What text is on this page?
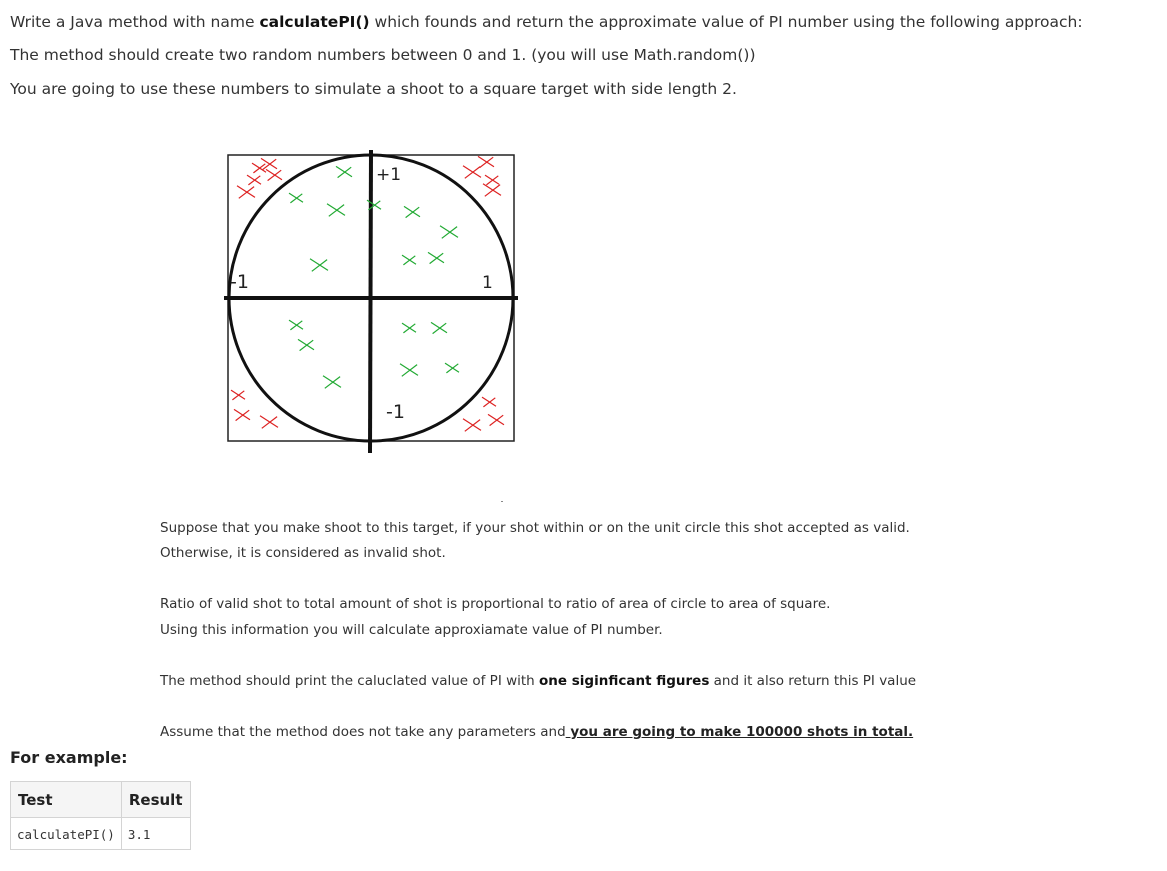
Write a Java method with name calculatePI() which founds and return the approximate value of PI number using the following approach:
The method should create two random numbers between 0 and 1. (you will use Math.random())
You are going to use these numbers to simulate a shoot to a square target with side length 2.
+1
-1	1
-1
Suppose that you make shoot to this target, if your shot within or on the unit circle this shot accepted as valid.
Otherwise, it is considered as invalid shot.
Ratio of valid shot to total amount of shot is proportional to ratio of area of circle to area of square.
Using this information you will calculate approxiamate value of PI number.
The method should print the caluclated value of PI with one siginficant figures and it also return this PI value
Assume that the method does not take any parameters and you are going to make 100000 shots in total.
For example:
Test	Result
calculatePI()	3.1
